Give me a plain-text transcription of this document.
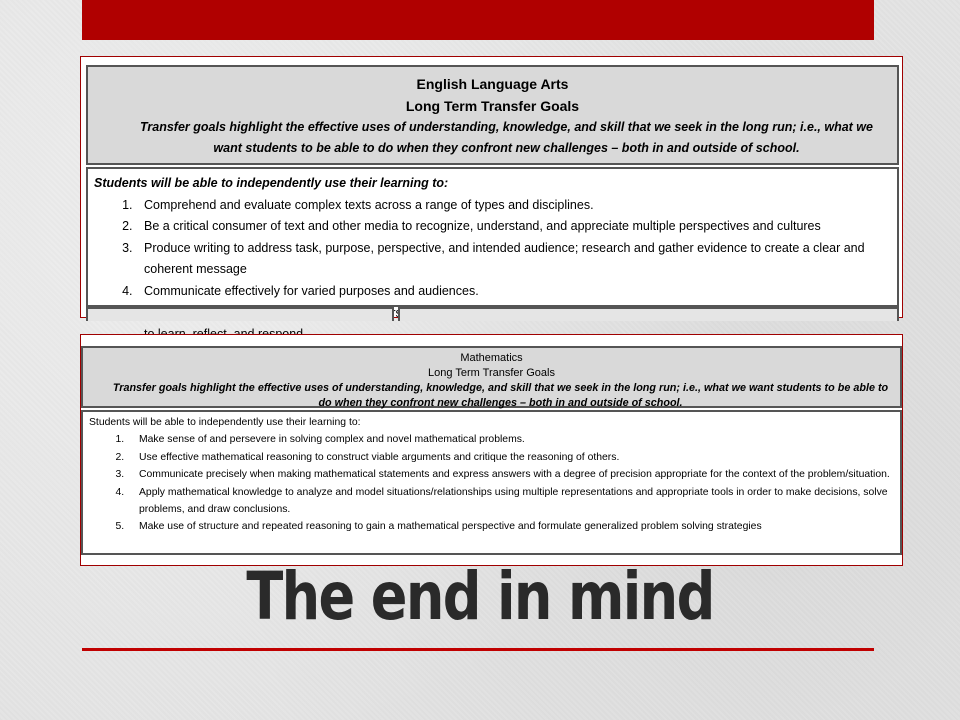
English Language Arts
Long Term Transfer Goals
Transfer goals highlight the effective uses of understanding, knowledge, and skill that we seek in the long run; i.e., what we want students to be able to do when they confront new challenges – both in and outside of school.
Students will be able to independently use their learning to:
1. Comprehend and evaluate complex texts across a range of types and disciplines.
2. Be a critical consumer of text and other media to recognize, understand, and appreciate multiple perspectives and cultures
3. Produce writing to address task, purpose, perspective, and intended audience; research and gather evidence to create a clear and coherent message
4. Communicate effectively for varied purposes and audiences.
5.
Mathematics
Long Term Transfer Goals
Transfer goals highlight the effective uses of understanding, knowledge, and skill that we seek in the long run; i.e., what we want students to be able to do when they confront new challenges – both in and outside of school.
Students will be able to independently use their learning to:
1. Make sense of and persevere in solving complex and novel mathematical problems.
2. Use effective mathematical reasoning to construct viable arguments and critique the reasoning of others.
3. Communicate precisely when making mathematical statements and express answers with a degree of precision appropriate for the context of the problem/situation.
4. Apply mathematical knowledge to analyze and model situations/relationships using multiple representations and appropriate tools in order to make decisions, solve problems, and draw conclusions.
5. Make use of structure and repeated reasoning to gain a mathematical perspective and formulate generalized problem solving strategies
The end in mind
